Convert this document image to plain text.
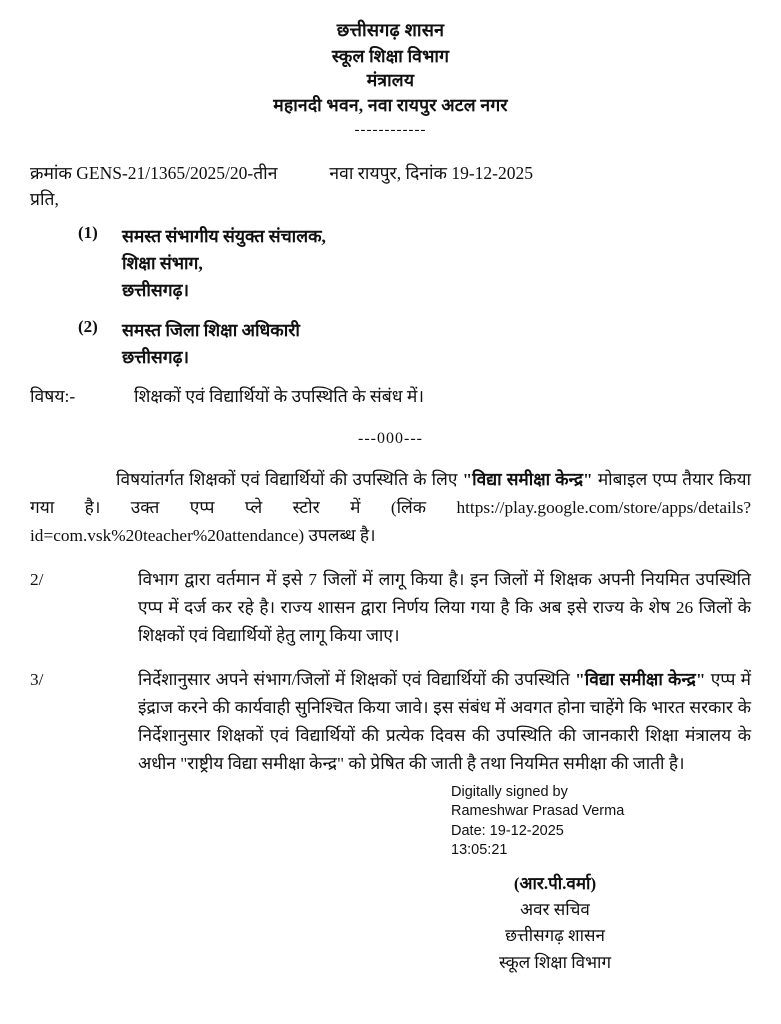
छत्तीसगढ़ शासन
स्कूल शिक्षा विभाग
मंत्रालय
महानदी भवन, नवा रायपुर अटल नगर
------------
क्रमांक GENS-21/1365/2025/20-तीन	नवा रायपुर, दिनांक 19-12-2025
प्रति,
(1) समस्त संभागीय संयुक्त संचालक,
शिक्षा संभाग,
छत्तीसगढ़।
(2) समस्त जिला शिक्षा अधिकारी
छत्तीसगढ़।
विषय:-	शिक्षकों एवं विद्यार्थियों के उपस्थिति के संबंध में।
---000---
विषयांतर्गत शिक्षकों एवं विद्यार्थियों की उपस्थिति के लिए "विद्या समीक्षा केन्द्र" मोबाइल एप्प तैयार किया गया है। उक्त एप्प प्ले स्टोर में (लिंक https://play.google.com/store/apps/details?id=com.vsk%20teacher%20attendance) उपलब्ध है।
2/	विभाग द्वारा वर्तमान में इसे 7 जिलों में लागू किया है। इन जिलों में शिक्षक अपनी नियमित उपस्थिति एप्प में दर्ज कर रहे है। राज्य शासन द्वारा निर्णय लिया गया है कि अब इसे राज्य के शेष 26 जिलों के शिक्षकों एवं विद्यार्थियों हेतु लागू किया जाए।
3/	निर्देशानुसार अपने संभाग/जिलों में शिक्षकों एवं विद्यार्थियों की उपस्थिति "विद्या समीक्षा केन्द्र" एप्प में इंद्राज करने की कार्यवाही सुनिश्चित किया जावे। इस संबंध में अवगत होना चाहेंगे कि भारत सरकार के निर्देशानुसार शिक्षकों एवं विद्यार्थियों की प्रत्येक दिवस की उपस्थिति की जानकारी शिक्षा मंत्रालय के अधीन "राष्ट्रीय विद्या समीक्षा केन्द्र" को प्रेषित की जाती है तथा नियमित समीक्षा की जाती है।
Digitally signed by
Rameshwar Prasad Verma
Date: 19-12-2025
13:05:21
(आर.पी.वर्मा)
अवर सचिव
छत्तीसगढ़ शासन
स्कूल शिक्षा विभाग
